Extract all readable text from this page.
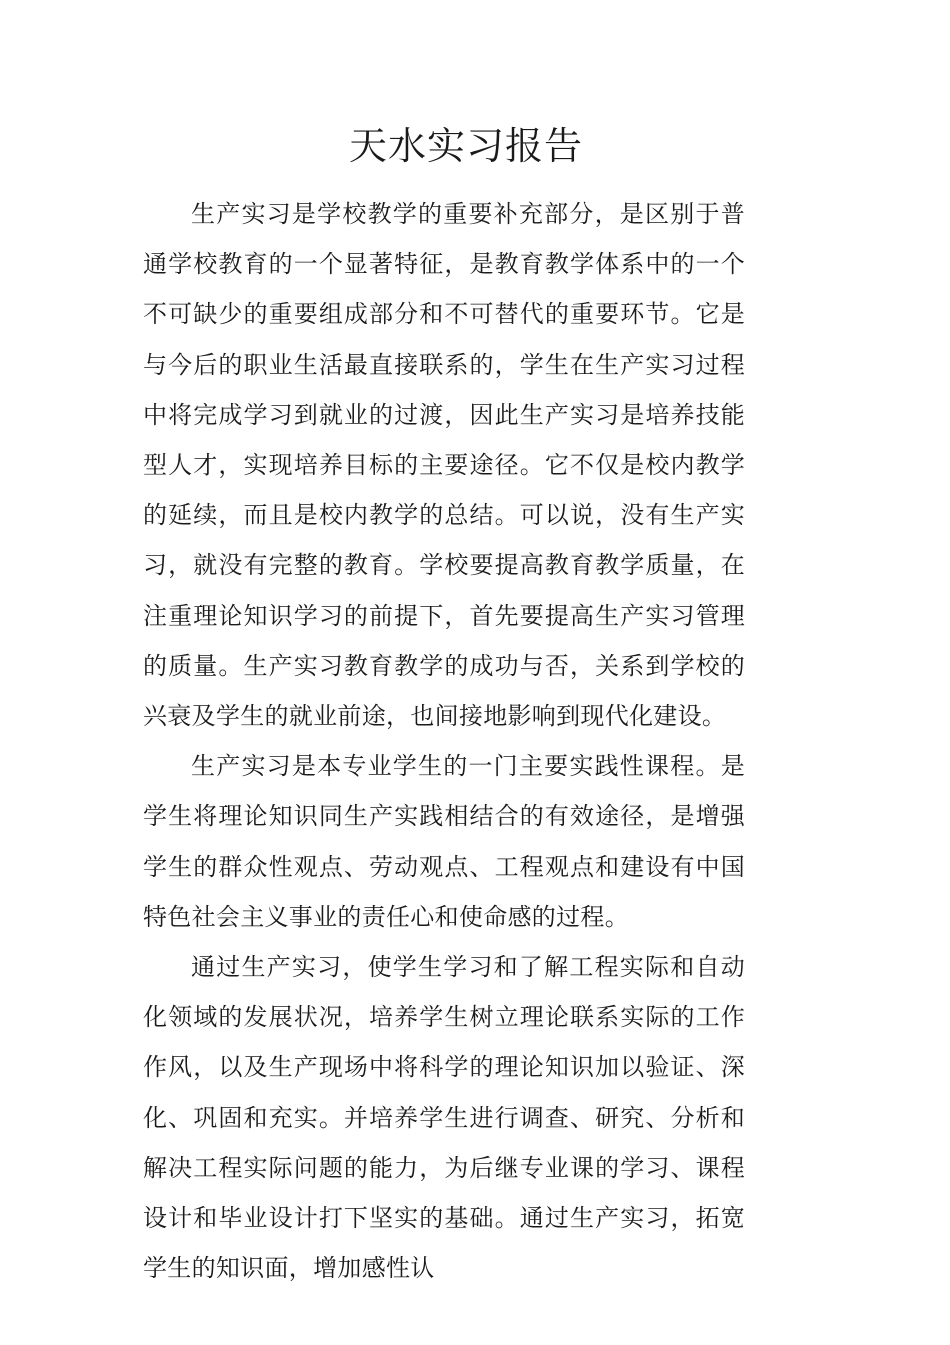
天水实习报告

生产实习是学校教学的重要补充部分，是区别于普通学校教育的一个显著特征，是教育教学体系中的一个不可缺少的重要组成部分和不可替代的重要环节。它是与今后的职业生活最直接联系的，学生在生产实习过程中将完成学习到就业的过渡，因此生产实习是培养技能型人才，实现培养目标的主要途径。它不仅是校内教学的延续，而且是校内教学的总结。可以说，没有生产实习，就没有完整的教育。学校要提高教育教学质量，在注重理论知识学习的前提下，首先要提高生产实习管理的质量。生产实习教育教学的成功与否，关系到学校的兴衰及学生的就业前途，也间接地影响到现代化建设。

生产实习是本专业学生的一门主要实践性课程。是学生将理论知识同生产实践相结合的有效途径，是增强学生的群众性观点、劳动观点、工程观点和建设有中国特色社会主义事业的责任心和使命感的过程。

通过生产实习，使学生学习和了解工程实际和自动化领域的发展状况，培养学生树立理论联系实际的工作作风，以及生产现场中将科学的理论知识加以验证、深化、巩固和充实。并培养学生进行调查、研究、分析和解决工程实际问题的能力，为后继专业课的学习、课程设计和毕业设计打下坚实的基础。通过生产实习，拓宽学生的知识面，增加感性认
